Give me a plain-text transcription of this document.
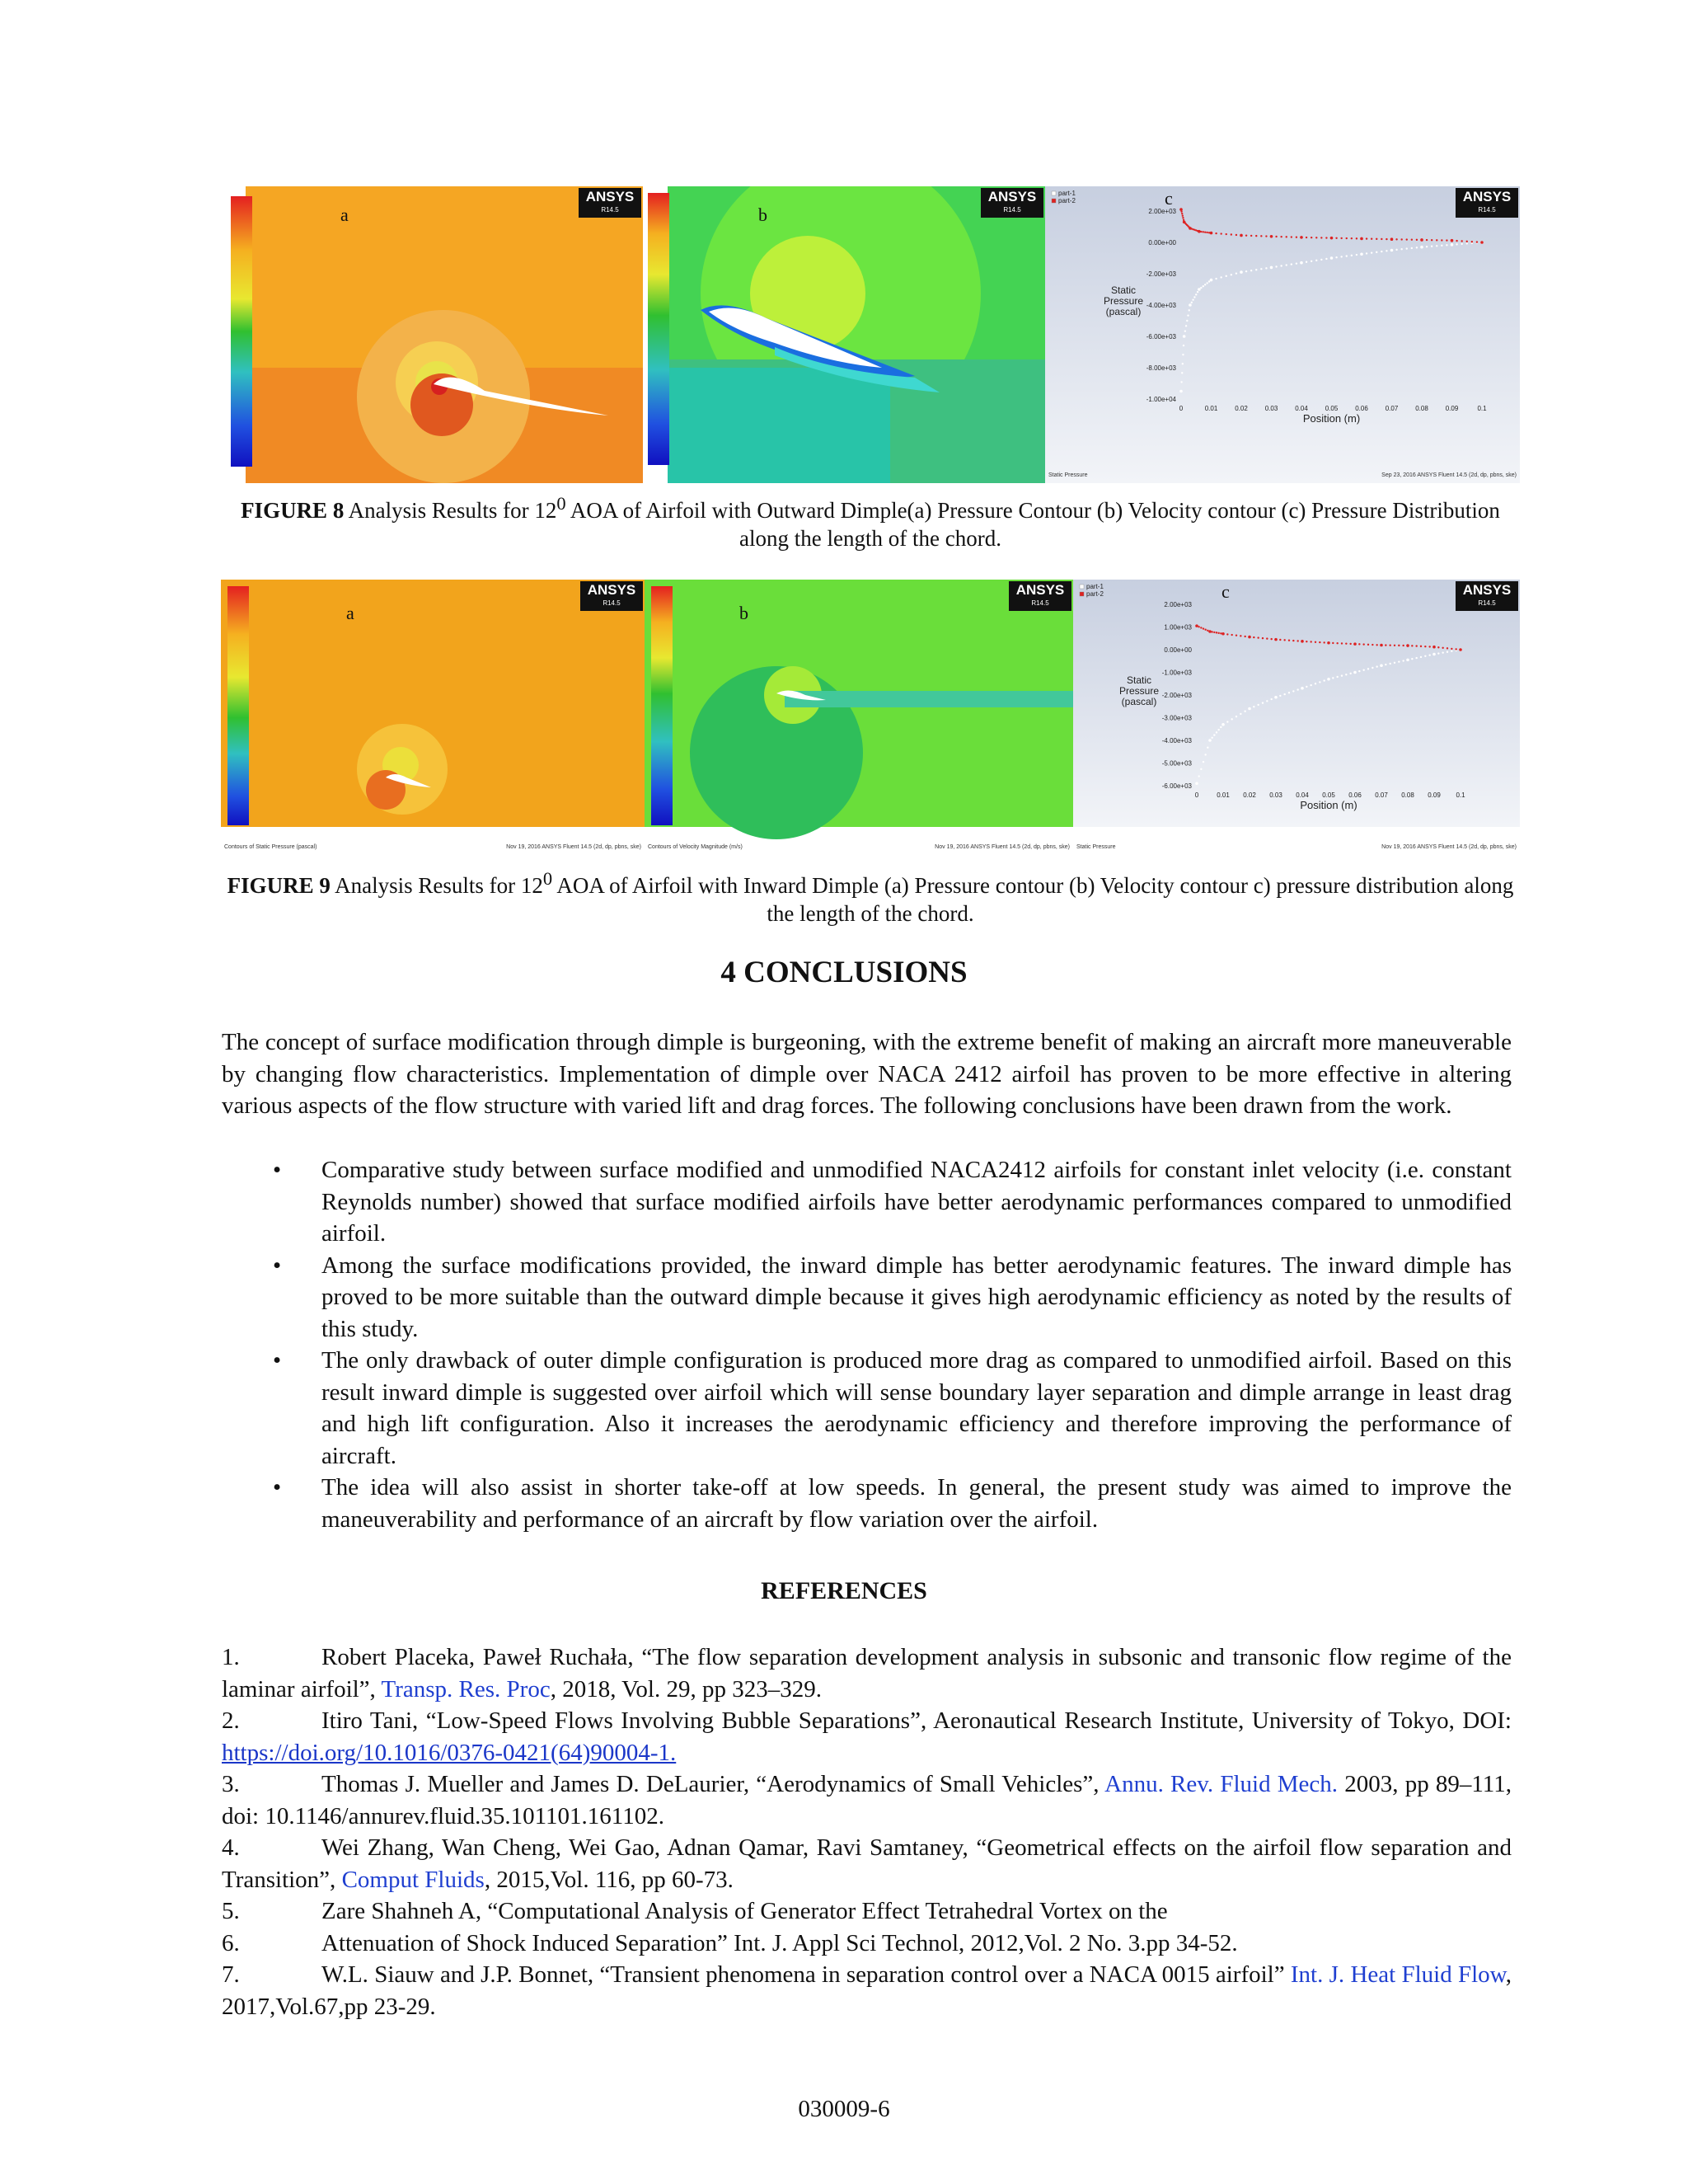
ANSYS
R14.5
a
ANSYS
R14.5
b	2.00e+03
0.00e+00
-2.00e+03
-4.00e+03
-6.00e+03
-8.00e+03
-1.00e+04
0	0.01	0.02	0.03	0.04	0.05	0.06	0.07	0.08	0.09	0.1
Position (m)
Static
Pressure
(pascal)
part-1
part-2
Static Pressure	Sep 23, 2016 ANSYS Fluent 14.5 (2d, dp, pbns, ske)
ANSYS
R14.5
c
FIGURE 8 Analysis Results for $12^0$ AOA of Airfoil with Outward Dimple(a) Pressure Contour (b) Velocity contour (c) Pressure Distribution along the length of the chord.
Contours of Static Pressure (pascal)	Nov 19, 2016 ANSYS Fluent 14.5 (2d, dp, pbns, ske)
ANSYS
R14.5
a
Contours of Velocity Magnitude (m/s)	Nov 19, 2016 ANSYS Fluent 14.5 (2d, dp, pbns, ske)
ANSYS
R14.5
b	2.00e+03
1.00e+03
0.00e+00
-1.00e+03
-2.00e+03
-3.00e+03
-4.00e+03
-5.00e+03
-6.00e+03
0	0.01 0.02 0.03 0.04 0.05 0.06 0.07 0.08 0.09 0.1
Position (m)
Static
Pressure
(pascal)
part-1
part-2
Static Pressure	Nov 19, 2016 ANSYS Fluent 14.5 (2d, dp, pbns, ske)
ANSYS
R14.5
c
FIGURE 9 Analysis Results for $12^0$ AOA of Airfoil with Inward Dimple (a) Pressure contour (b) Velocity contour c) pressure distribution along the length of the chord.
4 CONCLUSIONS
The concept of surface modification through dimple is burgeoning, with the extreme benefit of making an aircraft more maneuverable by changing flow characteristics. Implementation of dimple over NACA 2412 airfoil has proven to be more effective in altering various aspects of the flow structure with varied lift and drag forces. The following conclusions have been drawn from the work.
• Comparative study between surface modified and unmodified NACA2412 airfoils for constant inlet velocity (i.e. constant Reynolds number) showed that surface modified airfoils have better aerodynamic performances compared to unmodified airfoil.
• Among the surface modifications provided, the inward dimple has better aerodynamic features. The inward dimple has proved to be more suitable than the outward dimple because it gives high aerodynamic efficiency as noted by the results of this study.
• The only drawback of outer dimple configuration is produced more drag as compared to unmodified airfoil. Based on this result inward dimple is suggested over airfoil which will sense boundary layer separation and dimple arrange in least drag and high lift configuration. Also it increases the aerodynamic efficiency and therefore improving the performance of aircraft.
• The idea will also assist in shorter take-off at low speeds. In general, the present study was aimed to improve the maneuverability and performance of an aircraft by flow variation over the airfoil.
REFERENCES
1.	Robert Placeka, Paweł Ruchała, “The flow separation development analysis in subsonic and transonic flow regime of the laminar airfoil”, Transp. Res. Proc, 2018, Vol. 29, pp 323–329.
2.	Itiro Tani, “Low-Speed Flows Involving Bubble Separations”, Aeronautical Research Institute, University of Tokyo, DOI: https://doi.org/10.1016/0376-0421(64)90004-1.
3.	Thomas J. Mueller and James D. DeLaurier, “Aerodynamics of Small Vehicles”, Annu. Rev. Fluid Mech. 2003, pp 89–111, doi: 10.1146/annurev.fluid.35.101101.161102.
4.	Wei Zhang, Wan Cheng, Wei Gao, Adnan Qamar, Ravi Samtaney, “Geometrical effects on the airfoil flow separation and Transition”, Comput Fluids, 2015,Vol. 116, pp 60-73.
5.	Zare Shahneh A, “Computational Analysis of Generator Effect Tetrahedral Vortex on the
6.	Attenuation of Shock Induced Separation” Int. J. Appl Sci Technol, 2012,Vol. 2 No. 3.pp 34-52.
7.	W.L. Siauw and J.P. Bonnet, “Transient phenomena in separation control over a NACA 0015 airfoil” Int. J. Heat Fluid Flow, 2017,Vol.67,pp 23-29.
030009-6
